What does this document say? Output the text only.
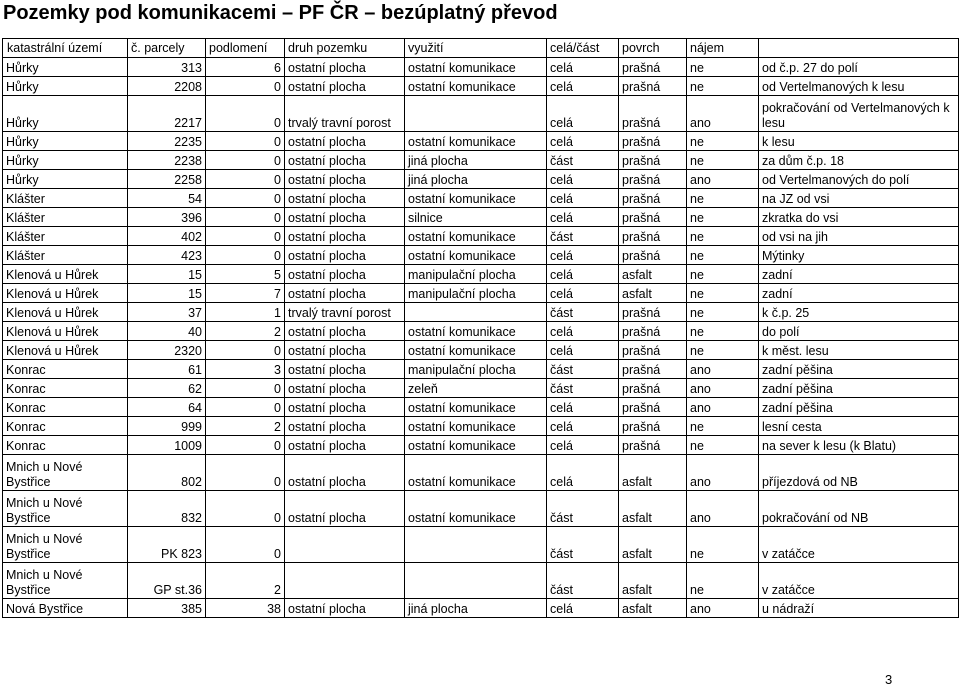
Pozemky pod komunikacemi – PF ČR – bezúplatný převod
katastrální území	č. parcely	podlomení	druh pozemku	využití	celá/část	povrch	nájem	
Hůrky	313	6	ostatní plocha	ostatní komunikace	celá	prašná	ne	od č.p. 27 do polí
Hůrky	2208	0	ostatní plocha	ostatní komunikace	celá	prašná	ne	od Vertelmanových k lesu
Hůrky	2217	0	trvalý travní porost		celá	prašná	ano	pokračování od Vertelmanových k lesu
Hůrky	2235	0	ostatní plocha	ostatní komunikace	celá	prašná	ne	k lesu
Hůrky	2238	0	ostatní plocha	jiná plocha	část	prašná	ne	za dům č.p. 18
Hůrky	2258	0	ostatní plocha	jiná plocha	celá	prašná	ano	od Vertelmanových do polí
Klášter	54	0	ostatní plocha	ostatní komunikace	celá	prašná	ne	na JZ od vsi
Klášter	396	0	ostatní plocha	silnice	celá	prašná	ne	zkratka do vsi
Klášter	402	0	ostatní plocha	ostatní komunikace	část	prašná	ne	od vsi na jih
Klášter	423	0	ostatní plocha	ostatní komunikace	celá	prašná	ne	Mýtinky
Klenová u Hůrek	15	5	ostatní plocha	manipulační plocha	celá	asfalt	ne	zadní
Klenová u Hůrek	15	7	ostatní plocha	manipulační plocha	celá	asfalt	ne	zadní
Klenová u Hůrek	37	1	trvalý travní porost		část	prašná	ne	k č.p. 25
Klenová u Hůrek	40	2	ostatní plocha	ostatní komunikace	celá	prašná	ne	do polí
Klenová u Hůrek	2320	0	ostatní plocha	ostatní komunikace	celá	prašná	ne	k měst. lesu
Konrac	61	3	ostatní plocha	manipulační plocha	část	prašná	ano	zadní pěšina
Konrac	62	0	ostatní plocha	zeleň	část	prašná	ano	zadní pěšina
Konrac	64	0	ostatní plocha	ostatní komunikace	celá	prašná	ano	zadní pěšina
Konrac	999	2	ostatní plocha	ostatní komunikace	celá	prašná	ne	lesní cesta
Konrac	1009	0	ostatní plocha	ostatní komunikace	celá	prašná	ne	na sever k lesu (k Blatu)
Mnich u Nové Bystřice	802	0	ostatní plocha	ostatní komunikace	celá	asfalt	ano	příjezdová od NB
Mnich u Nové Bystřice	832	0	ostatní plocha	ostatní komunikace	část	asfalt	ano	pokračování od NB
Mnich u Nové Bystřice	PK 823	0			část	asfalt	ne	v zatáčce
Mnich u Nové Bystřice	GP st.36	2			část	asfalt	ne	v zatáčce
Nová Bystřice	385	38	ostatní plocha	jiná plocha	celá	asfalt	ano	u nádraží
3
